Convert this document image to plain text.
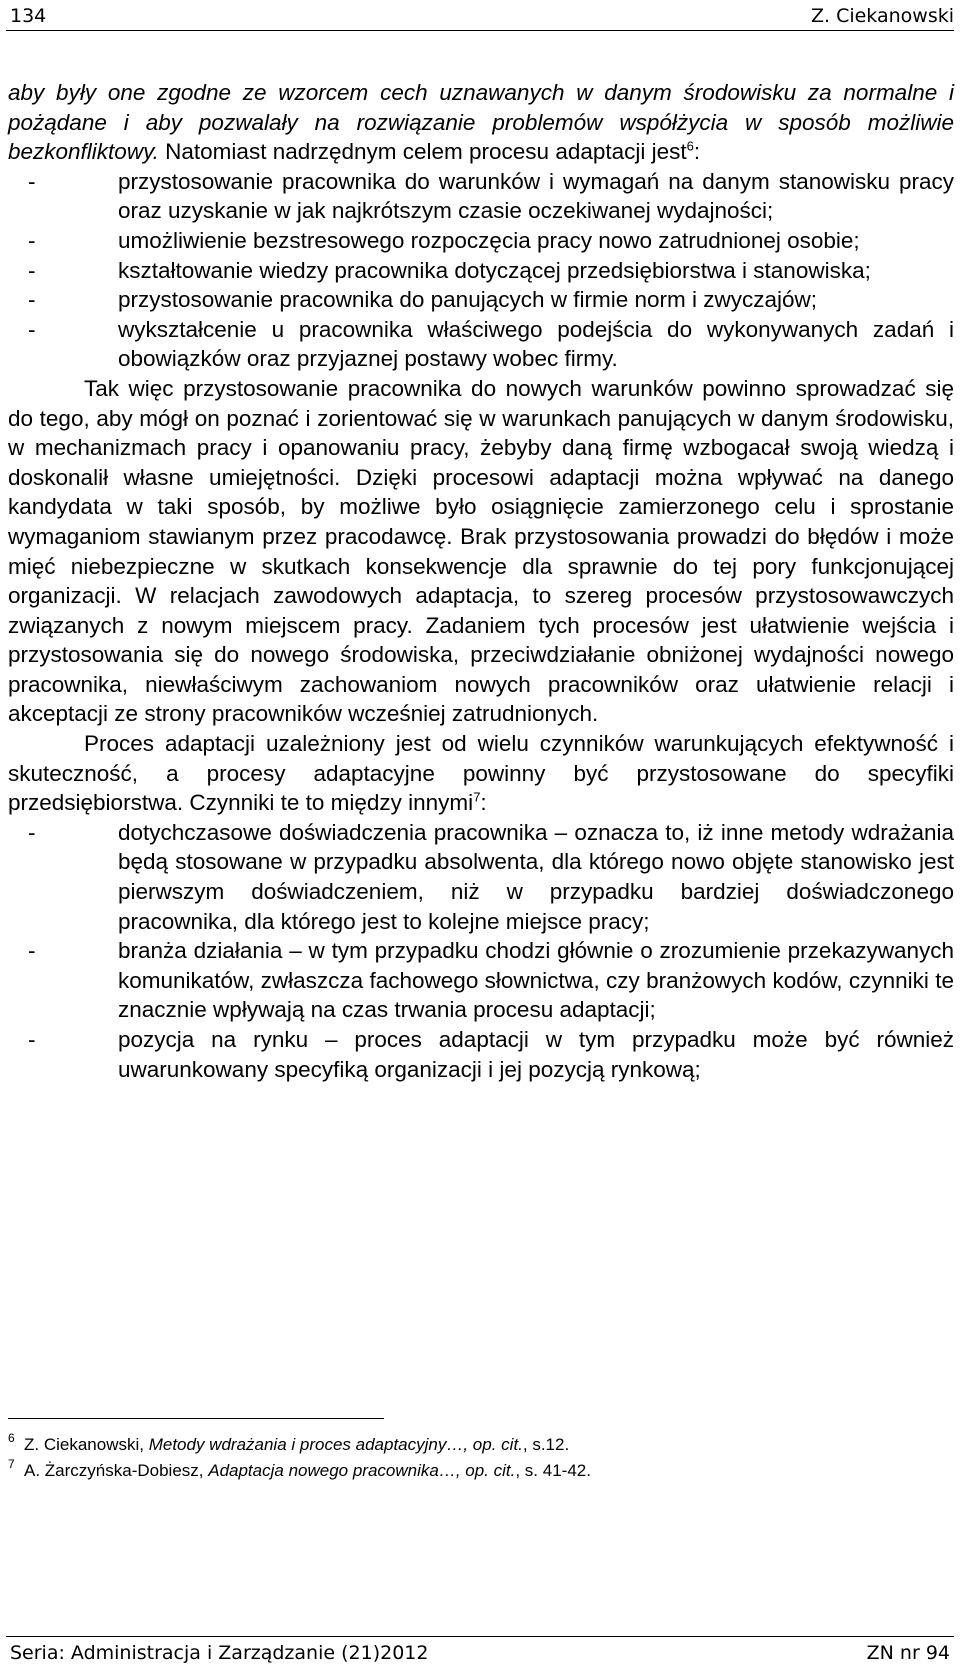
134	Z. Ciekanowski

aby były one zgodne ze wzorcem cech uznawanych w danym środowisku za normalne i pożądane i aby pozwalały na rozwiązanie problemów współżycia w sposób możliwie bezkonfliktowy. Natomiast nadrzędnym celem procesu adaptacji jest$^6$:

-	przystosowanie pracownika do warunków i wymagań na danym stanowisku pracy oraz uzyskanie w jak najkrótszym czasie oczekiwanej wydajności;
-	umożliwienie bezstresowego rozpoczęcia pracy nowo zatrudnionej osobie;
-	kształtowanie wiedzy pracownika dotyczącej przedsiębiorstwa i stanowiska;
-	przystosowanie pracownika do panujących w firmie norm i zwyczajów;
-	wykształcenie u pracownika właściwego podejścia do wykonywanych zadań i obowiązków oraz przyjaznej postawy wobec firmy.

Tak więc przystosowanie pracownika do nowych warunków powinno sprowadzać się do tego, aby mógł on poznać i zorientować się w warunkach panujących w danym środowisku, w mechanizmach pracy i opanowaniu pracy, żebyby daną firmę wzbogacał swoją wiedzą i doskonalił własne umiejętności. Dzięki procesowi adaptacji można wpływać na danego kandydata w taki sposób, by możliwe było osiągnięcie zamierzonego celu i sprostanie wymaganiom stawianym przez pracodawcę. Brak przystosowania prowadzi do błędów i może mięć niebezpieczne w skutkach konsekwencje dla sprawnie do tej pory funkcjonującej organizacji. W relacjach zawodowych adaptacja, to szereg procesów przystosowawczych związanych z nowym miejscem pracy. Zadaniem tych procesów jest ułatwienie wejścia i przystosowania się do nowego środowiska, przeciwdziałanie obniżonej wydajności nowego pracownika, niewłaściwym zachowaniom nowych pracowników oraz ułatwienie relacji i akceptacji ze strony pracowników wcześniej zatrudnionych.

Proces adaptacji uzależniony jest od wielu czynników warunkujących efektywność i skuteczność, a procesy adaptacyjne powinny być przystosowane do specyfiki przedsiębiorstwa. Czynniki te to między innymi$^7$:

-	dotychczasowe doświadczenia pracownika – oznacza to, iż inne metody wdrażania będą stosowane w przypadku absolwenta, dla którego nowo objęte stanowisko jest pierwszym doświadczeniem, niż w przypadku bardziej doświadczonego pracownika, dla którego jest to kolejne miejsce pracy;
-	branża działania – w tym przypadku chodzi głównie o zrozumienie przekazywanych komunikatów, zwłaszcza fachowego słownictwa, czy branżowych kodów, czynniki te znacznie wpływają na czas trwania procesu adaptacji;
-	pozycja na rynku – proces adaptacji w tym przypadku może być również uwarunkowany specyfiką organizacji i jej pozycją rynkową;
6 Z. Ciekanowski, Metody wdrażania i proces adaptacyjny…, op. cit., s.12.
7 A. Żarczyńska-Dobiesz, Adaptacja nowego pracownika…, op. cit., s. 41-42.
Seria: Administracja i Zarządzanie (21)2012	ZN nr 94
